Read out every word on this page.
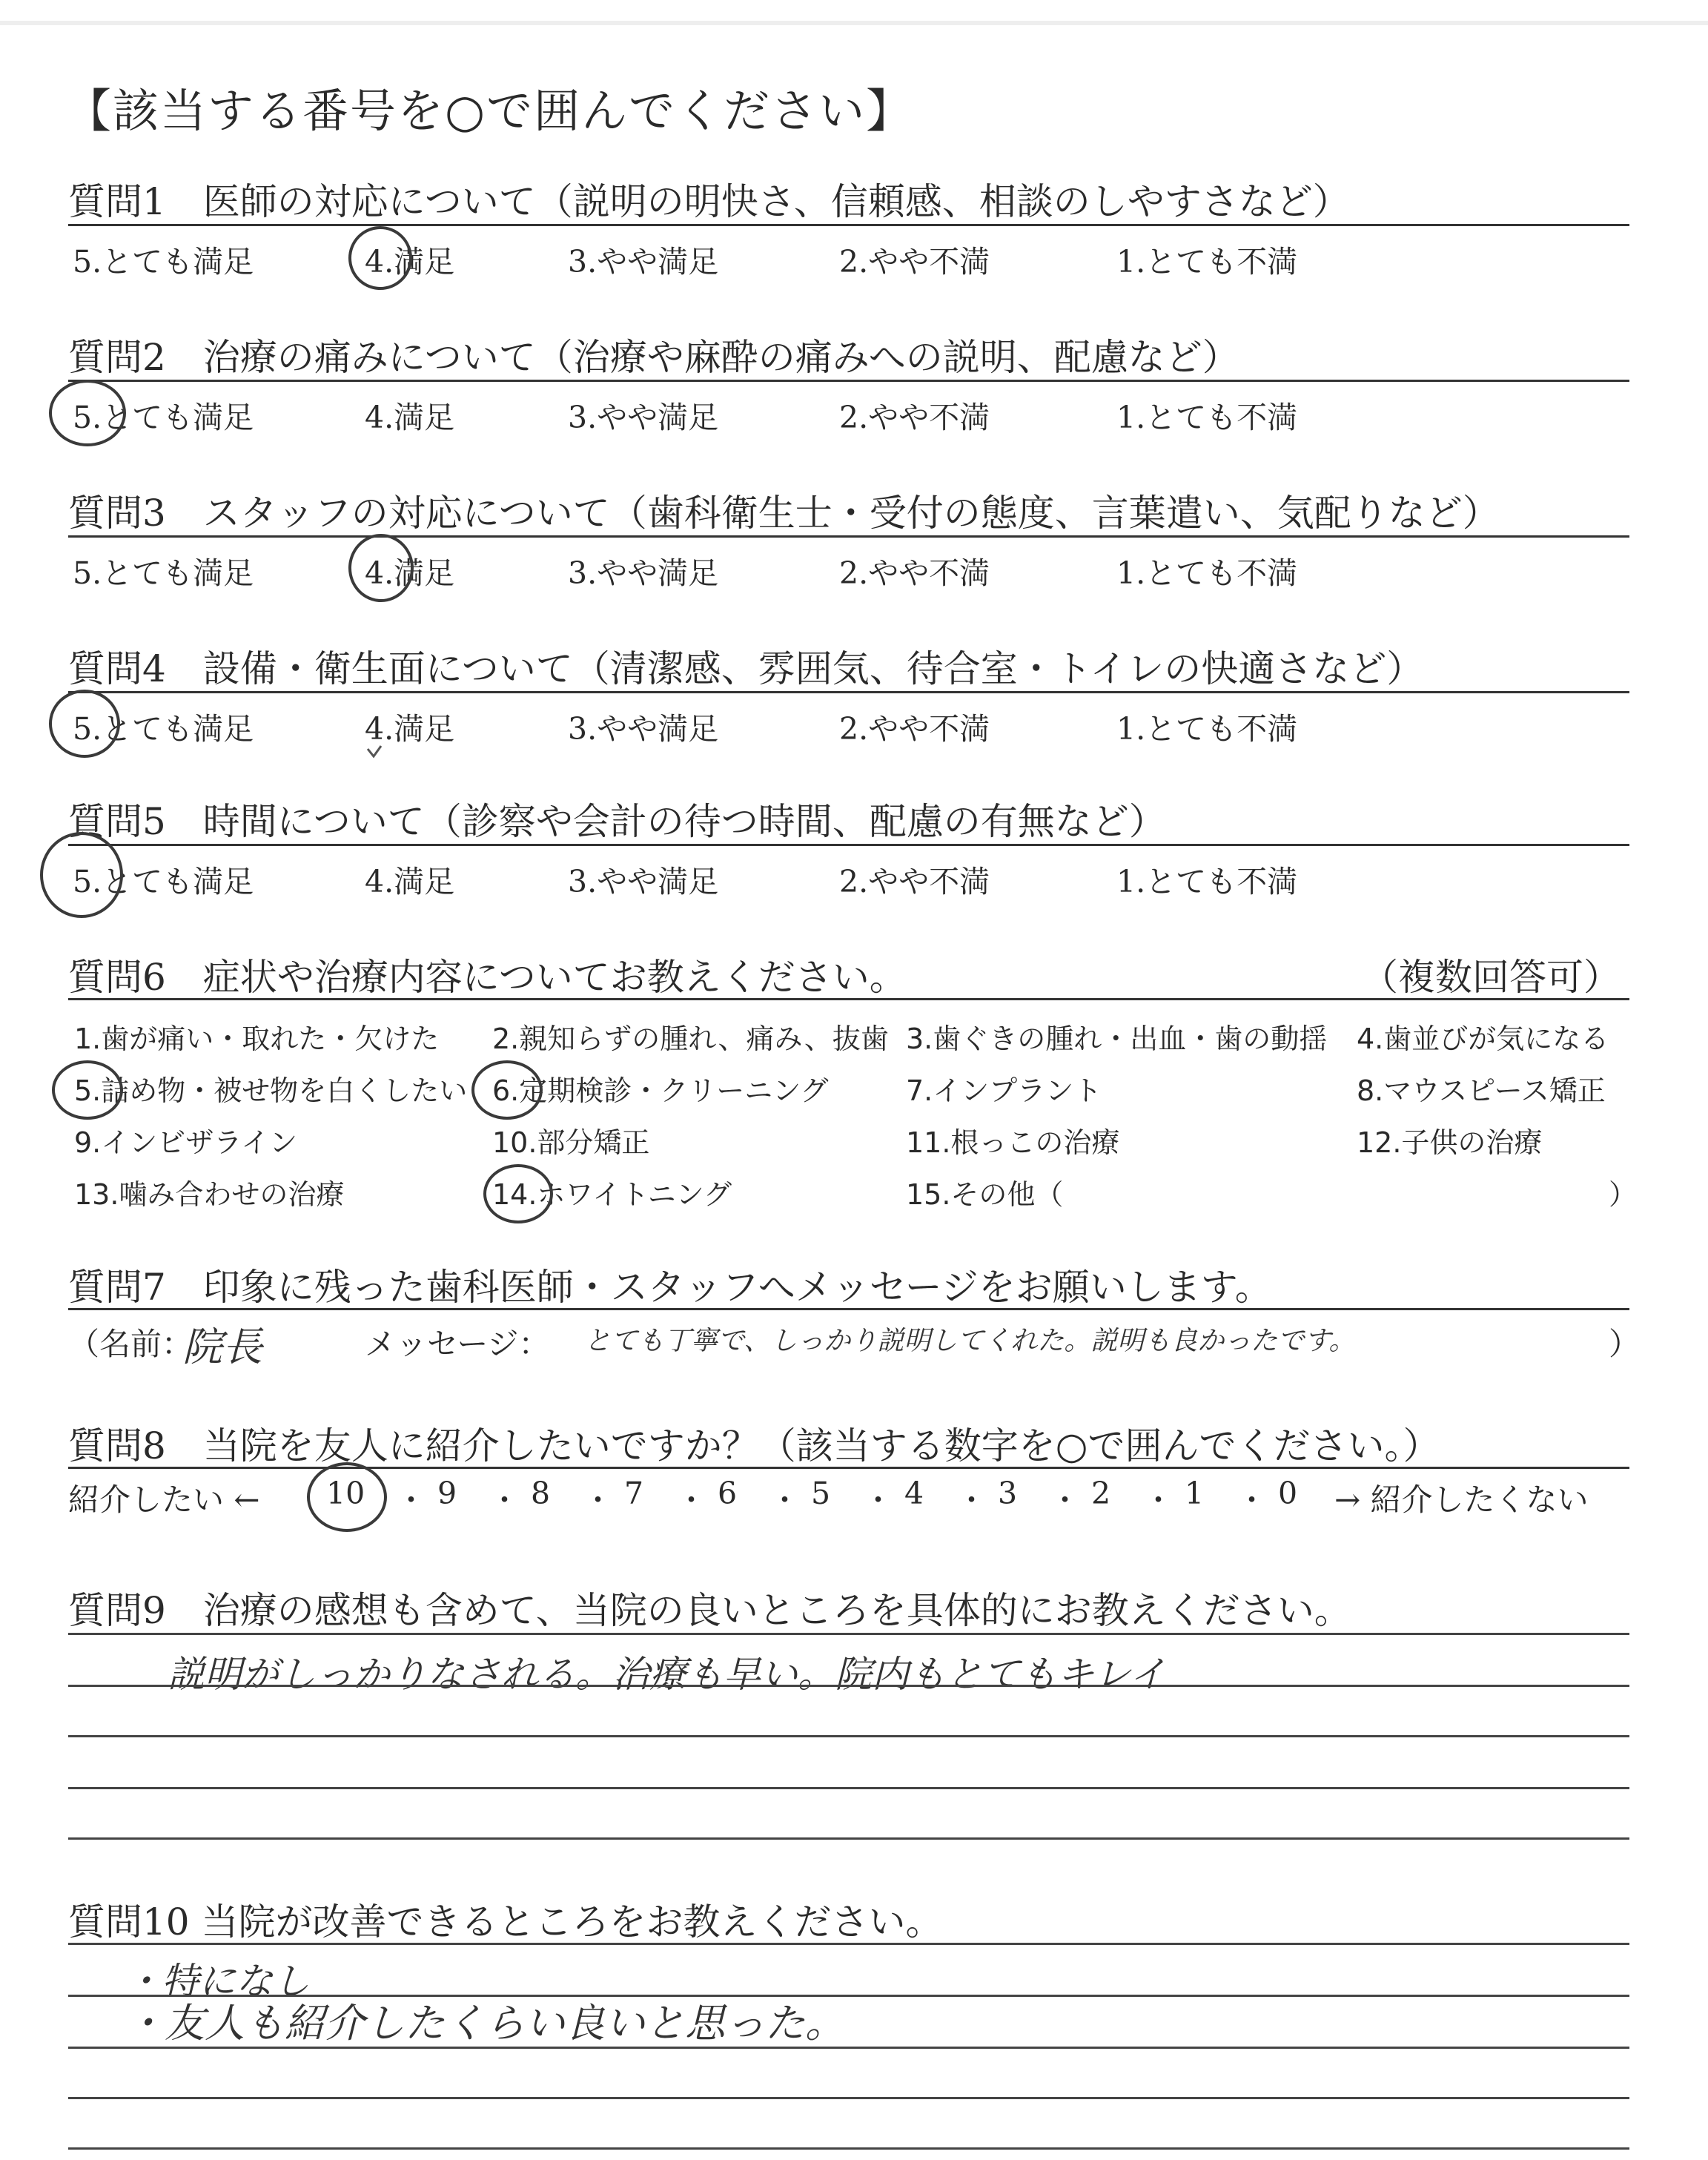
【該当する番号を○で囲んでください】
質問1　医師の対応について（説明の明快さ、信頼感、相談のしやすさなど）
5.とても満足	4.満足	3.やや満足	2.やや不満	1.とても不満
質問2　治療の痛みについて（治療や麻酔の痛みへの説明、配慮など）
5.とても満足	4.満足	3.やや満足	2.やや不満	1.とても不満
質問3　スタッフの対応について（歯科衛生士・受付の態度、言葉遣い、気配りなど）
5.とても満足	4.満足	3.やや満足	2.やや不満	1.とても不満
質問4　設備・衛生面について（清潔感、雰囲気、待合室・トイレの快適さなど）
5.とても満足	4.満足	3.やや満足	2.やや不満	1.とても不満
質問5　時間について（診察や会計の待つ時間、配慮の有無など）
5.とても満足	4.満足	3.やや満足	2.やや不満	1.とても不満
質問6　症状や治療内容についてお教えください。	（複数回答可）
1.歯が痛い・取れた・欠けた 2.親知らずの腫れ、痛み、抜歯 3.歯ぐきの腫れ・出血・歯の動揺 4.歯並びが気になる
5.詰め物・被せ物を白くしたい 6.定期検診・クリーニング	7.インプラント	8.マウスピース矯正
9.インビザライン	10.部分矯正	11.根っこの治療	12.子供の治療
13.噛み合わせの治療	14.ホワイトニング	15.その他（	）
質問7　印象に残った歯科医師・スタッフへメッセージをお願いします。
（名前：
院長	メッセージ： とても丁寧で、しっかり説明してくれた。説明も良かったです。	）
質問8　当院を友人に紹介したいですか？（該当する数字を○で囲んでください。）
紹介したい ← 10 ・ 9 ・ 8 ・ 7 ・ 6 ・ 5 ・ 4 ・ 3 ・ 2 ・ 1 ・ 0 → 紹介したくない
質問9　治療の感想も含めて、当院の良いところを具体的にお教えください。
説明がしっかりなされる。治療も早い。院内もとてもキレイ
質問10 当院が改善できるところをお教えください。
・特になし
・友人も紹介したくらい良いと思った。
